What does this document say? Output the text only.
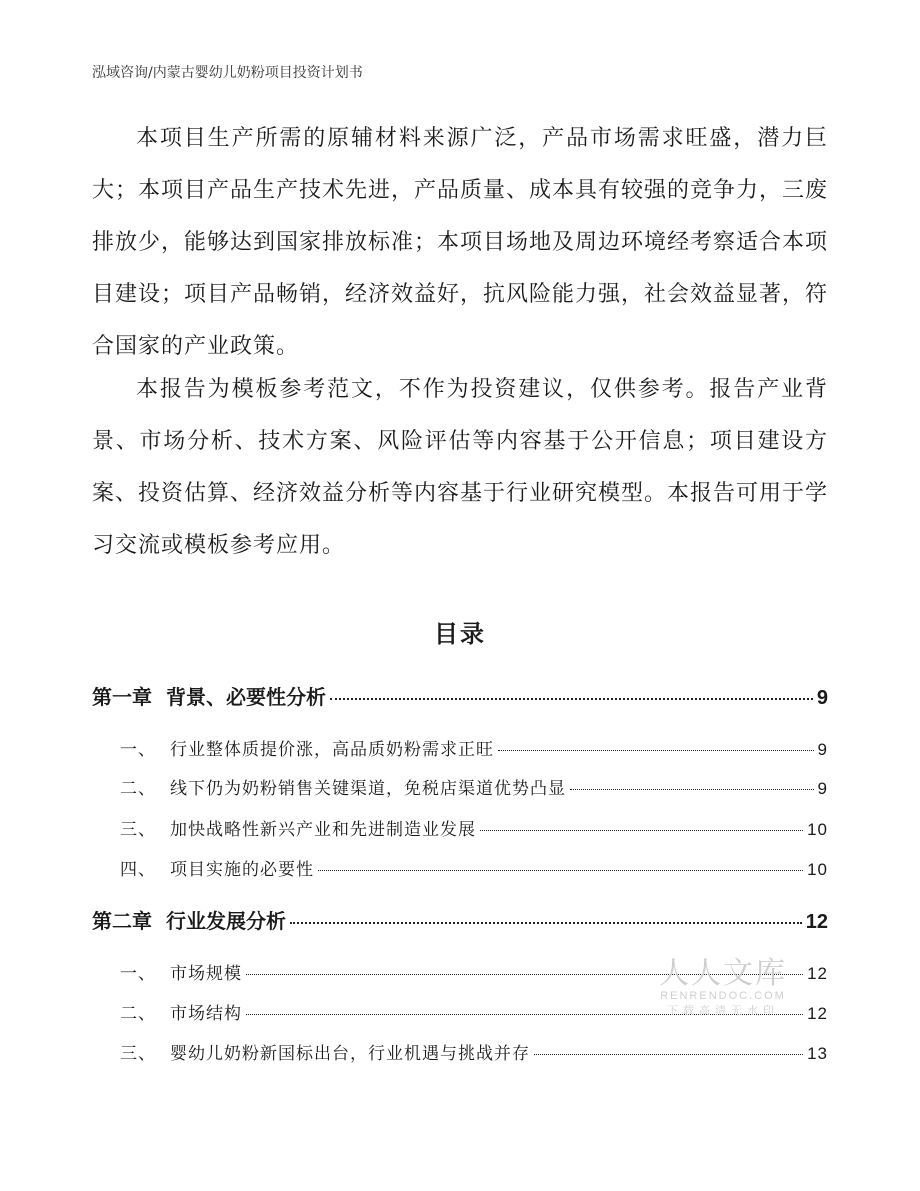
泓域咨询/内蒙古婴幼儿奶粉项目投资计划书

本项目生产所需的原辅材料来源广泛，产品市场需求旺盛，潜力巨大；本项目产品生产技术先进，产品质量、成本具有较强的竞争力，三废排放少，能够达到国家排放标准；本项目场地及周边环境经考察适合本项目建设；项目产品畅销，经济效益好，抗风险能力强，社会效益显著，符合国家的产业政策。

本报告为模板参考范文，不作为投资建议，仅供参考。报告产业背景、市场分析、技术方案、风险评估等内容基于公开信息；项目建设方案、投资估算、经济效益分析等内容基于行业研究模型。本报告可用于学习交流或模板参考应用。

目录
第一章 背景、必要性分析	9
一、 行业整体质提价涨，高品质奶粉需求正旺	9
二、 线下仍为奶粉销售关键渠道，免税店渠道优势凸显	9
三、 加快战略性新兴产业和先进制造业发展	10
四、 项目实施的必要性	10
第二章 行业发展分析	12
一、 市场规模	12
二、 市场结构	12
三、 婴幼儿奶粉新国标出台，行业机遇与挑战并存	13
人人文库
RENRENDOC.COM
下载高清无水印
